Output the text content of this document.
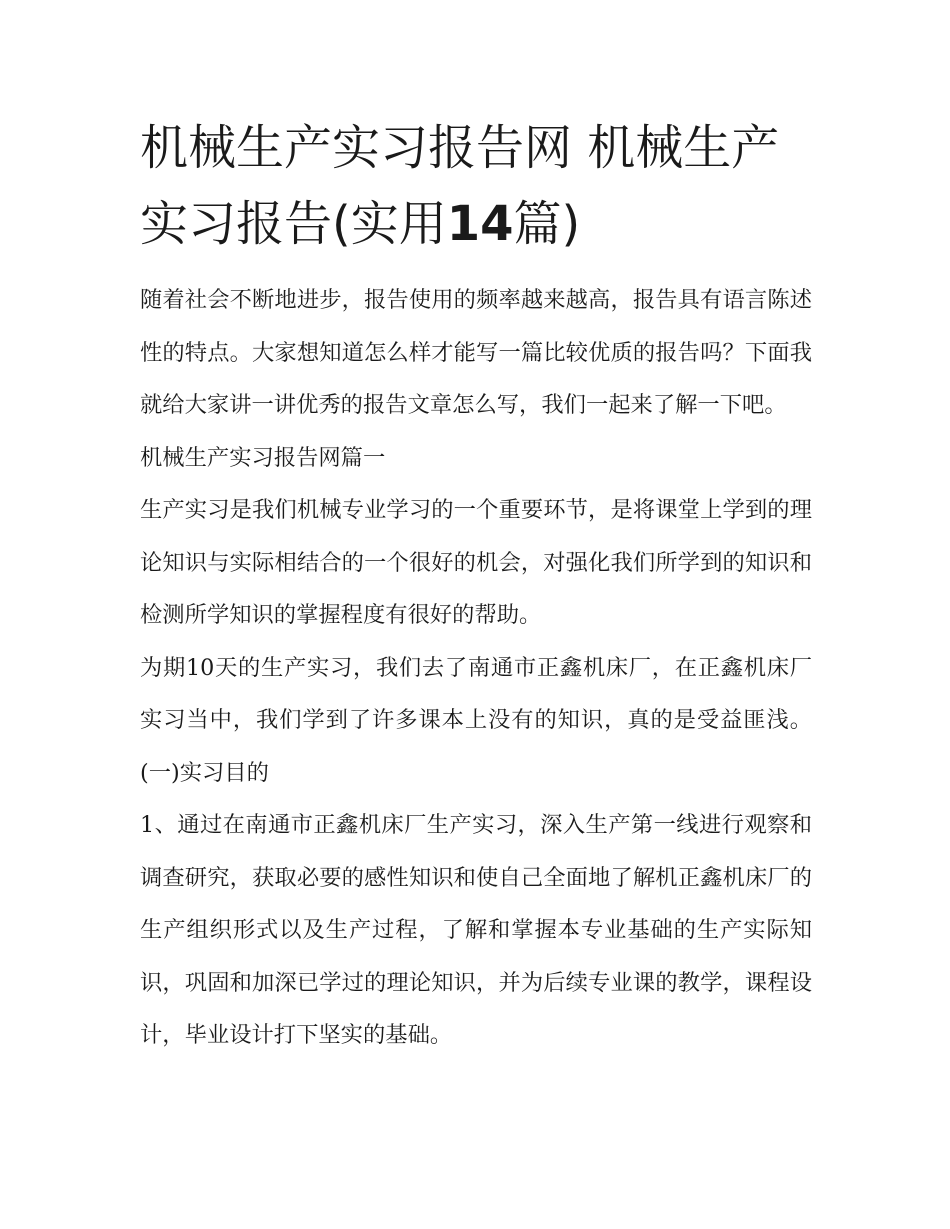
机械生产实习报告网 机械生产实习报告(实用14篇)

随着社会不断地进步，报告使用的频率越来越高，报告具有语言陈述性的特点。大家想知道怎么样才能写一篇比较优质的报告吗？下面我就给大家讲一讲优秀的报告文章怎么写，我们一起来了解一下吧。

机械生产实习报告网篇一

生产实习是我们机械专业学习的一个重要环节，是将课堂上学到的理论知识与实际相结合的一个很好的机会，对强化我们所学到的知识和检测所学知识的掌握程度有很好的帮助。

为期10天的生产实习，我们去了南通市正鑫机床厂，在正鑫机床厂实习当中，我们学到了许多课本上没有的知识，真的是受益匪浅。 (一)实习目的

1、通过在南通市正鑫机床厂生产实习，深入生产第一线进行观察和调查研究，获取必要的感性知识和使自己全面地了解机正鑫机床厂的生产组织形式以及生产过程，了解和掌握本专业基础的生产实际知识，巩固和加深已学过的理论知识，并为后续专业课的教学，课程设计，毕业设计打下坚实的基础。
